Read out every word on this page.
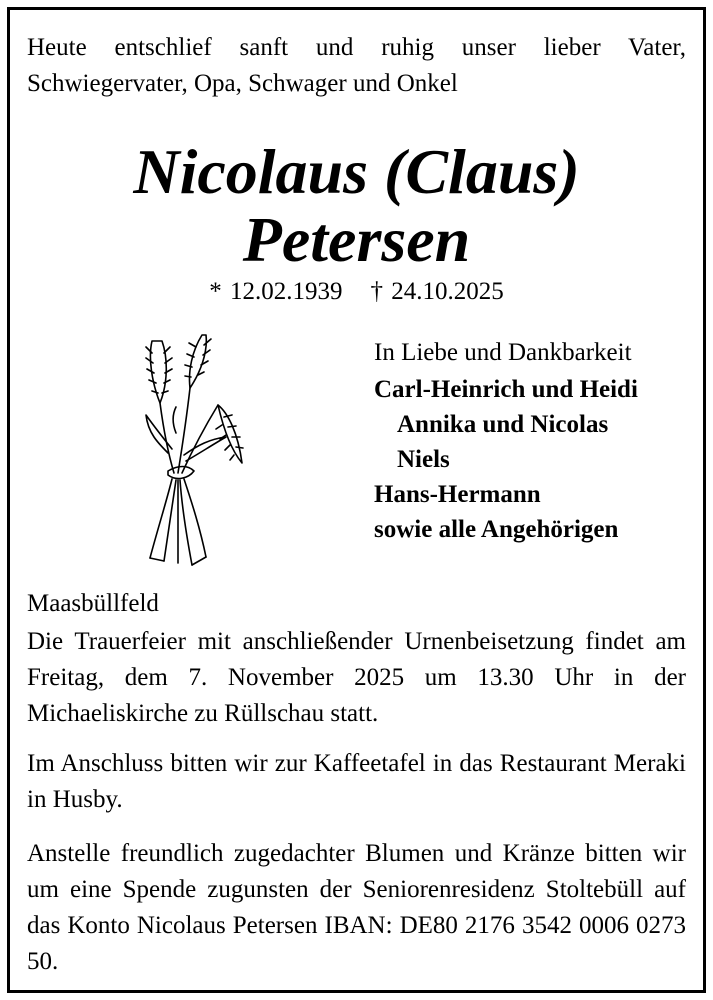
Heute entschlief sanft und ruhig unser lieber Vater, Schwiegervater, Opa, Schwager und Onkel
Nicolaus (Claus)
Petersen
* 12.02.1939 † 24.10.2025
In Liebe und Dankbarkeit
Carl-Heinrich und Heidi
Annika und Nicolas
Niels
Hans-Hermann
sowie alle Angehörigen
Maasbüllfeld
Die Trauerfeier mit anschließender Urnenbeisetzung findet am Freitag, dem 7. November 2025 um 13.30 Uhr in der Michaeliskirche zu Rüllschau statt.
Im Anschluss bitten wir zur Kaffeetafel in das Restaurant Meraki in Husby.
Anstelle freundlich zugedachter Blumen und Kränze bitten wir um eine Spende zugunsten der Seniorenresidenz Stoltebüll auf das Konto Nicolaus Petersen IBAN: DE80 2176 3542 0006 0273 50.
